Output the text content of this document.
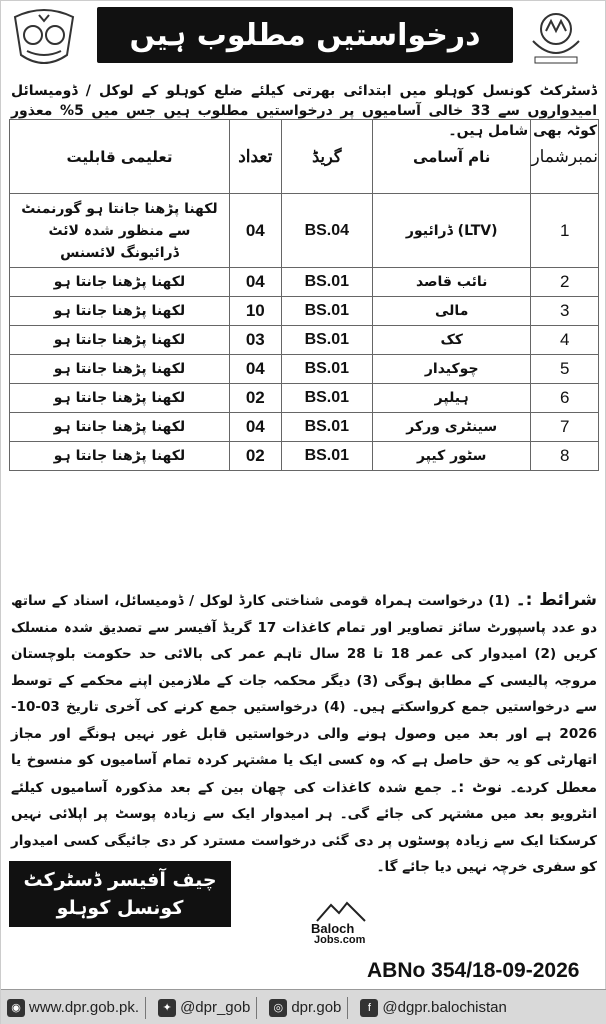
درخواستیں مطلوب ہیں
ڈسٹرکٹ کونسل کوہلو میں ابتدائی بھرتی کیلئے ضلع کوہلو کے لوکل / ڈومیسائل امیدواروں سے 33 خالی آسامیوں پر درخواستیں مطلوب ہیں جس میں 5% معذور کوٹہ بھی شامل ہیں۔
تعلیمی قابلیت	تعداد	گریڈ	نام آسامی	نمبرشمار
لکھنا پڑھنا جانتا ہو گورنمنٹ سے منظور شدہ لائٹ ڈرائیونگ لائسنس	04	BS.04	(LTV) ڈرائیور	1
لکھنا پڑھنا جانتا ہو	04	BS.01	نائب قاصد	2
لکھنا پڑھنا جانتا ہو	10	BS.01	مالی	3
لکھنا پڑھنا جانتا ہو	03	BS.01	کک	4
لکھنا پڑھنا جانتا ہو	04	BS.01	چوکیدار	5
لکھنا پڑھنا جانتا ہو	02	BS.01	ہیلپر	6
لکھنا پڑھنا جانتا ہو	04	BS.01	سینٹری ورکر	7
لکھنا پڑھنا جانتا ہو	02	BS.01	سٹور کیپر	8
شرائط :۔ (1) درخواست ہمراہ قومی شناختی کارڈ لوکل / ڈومیسائل، اسناد کے ساتھ دو عدد پاسپورٹ سائز تصاویر اور تمام کاغذات 17 گریڈ آفیسر سے تصدیق شدہ منسلک کریں (2) امیدوار کی عمر 18 تا 28 سال تاہم عمر کی بالائی حد حکومت بلوچستان مروجہ پالیسی کے مطابق ہوگی (3) دیگر محکمہ جات کے ملازمین اپنے محکمے کے توسط سے درخواستیں جمع کرواسکتے ہیں۔ (4) درخواستیں جمع کرنے کی آخری تاریخ 03-10-2026 ہے اور بعد میں وصول ہونے والی درخواستیں قابل غور نہیں ہونگے اور مجاز اتھارٹی کو یہ حق حاصل ہے کہ وہ کسی ایک یا مشتہر کردہ تمام آسامیوں کو منسوخ یا معطل کردے۔ نوٹ :۔ جمع شدہ کاغذات کی چھان بین کے بعد مذکورہ آسامیوں کیلئے انٹرویو بعد میں مشتہر کی جائے گی۔ ہر امیدوار ایک سے زیادہ پوسٹ پر اپلائی نہیں کرسکتا ایک سے زیادہ پوسٹوں پر دی گئی درخواست مسترد کر دی جائیگی کسی امیدوار کو سفری خرچہ نہیں دیا جائے گا۔
چیف آفیسر ڈسٹرکٹ
کونسل کوہلو
Baloch
Jobs.com
ABNo 354/18-09-2026
◉ www.dpr.gob.pk.	✦ @dpr_gob	◎ dpr.gob	f @dgpr.balochistan
